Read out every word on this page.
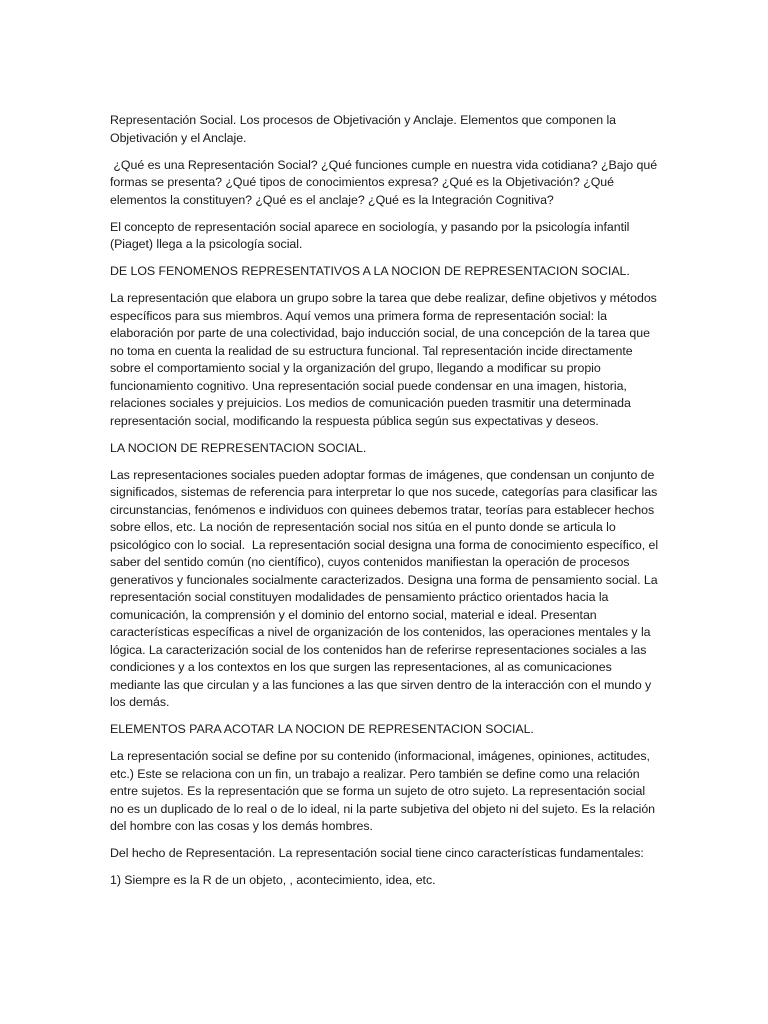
Representación Social. Los procesos de Objetivación y Anclaje. Elementos que componen la Objetivación y el Anclaje.

¿Qué es una Representación Social? ¿Qué funciones cumple en nuestra vida cotidiana? ¿Bajo qué formas se presenta? ¿Qué tipos de conocimientos expresa? ¿Qué es la Objetivación? ¿Qué elementos la constituyen? ¿Qué es el anclaje? ¿Qué es la Integración Cognitiva?

El concepto de representación social aparece en sociología, y pasando por la psicología infantil (Piaget) llega a la psicología social.

DE LOS FENOMENOS REPRESENTATIVOS A LA NOCION DE REPRESENTACION SOCIAL.

La representación que elabora un grupo sobre la tarea que debe realizar, define objetivos y métodos específicos para sus miembros. Aquí vemos una primera forma de representación social: la elaboración por parte de una colectividad, bajo inducción social, de una concepción de la tarea que no toma en cuenta la realidad de su estructura funcional. Tal representación incide directamente sobre el comportamiento social y la organización del grupo, llegando a modificar su propio funcionamiento cognitivo. Una representación social puede condensar en una imagen, historia, relaciones sociales y prejuicios. Los medios de comunicación pueden trasmitir una determinada representación social, modificando la respuesta pública según sus expectativas y deseos.

LA NOCION DE REPRESENTACION SOCIAL.

Las representaciones sociales pueden adoptar formas de imágenes, que condensan un conjunto de significados, sistemas de referencia para interpretar lo que nos sucede, categorías para clasificar las circunstancias, fenómenos e individuos con quinees debemos tratar, teorías para establecer hechos sobre ellos, etc. La noción de representación social nos sitúa en el punto donde se articula lo psicológico con lo social.  La representación social designa una forma de conocimiento específico, el saber del sentido común (no científico), cuyos contenidos manifiestan la operación de procesos generativos y funcionales socialmente caracterizados. Designa una forma de pensamiento social. La representación social constituyen modalidades de pensamiento práctico orientados hacia la comunicación, la comprensión y el dominio del entorno social, material e ideal. Presentan características específicas a nivel de organización de los contenidos, las operaciones mentales y la lógica. La caracterización social de los contenidos han de referirse representaciones sociales a las condiciones y a los contextos en los que surgen las representaciones, al as comunicaciones mediante las que circulan y a las funciones a las que sirven dentro de la interacción con el mundo y los demás.

ELEMENTOS PARA ACOTAR LA NOCION DE REPRESENTACION SOCIAL.

La representación social se define por su contenido (informacional, imágenes, opiniones, actitudes, etc.) Este se relaciona con un fin, un trabajo a realizar. Pero también se define como una relación entre sujetos. Es la representación que se forma un sujeto de otro sujeto. La representación social no es un duplicado de lo real o de lo ideal, ni la parte subjetiva del objeto ni del sujeto. Es la relación del hombre con las cosas y los demás hombres.

Del hecho de Representación. La representación social tiene cinco características fundamentales:

1) Siempre es la R de un objeto, , acontecimiento, idea, etc.
